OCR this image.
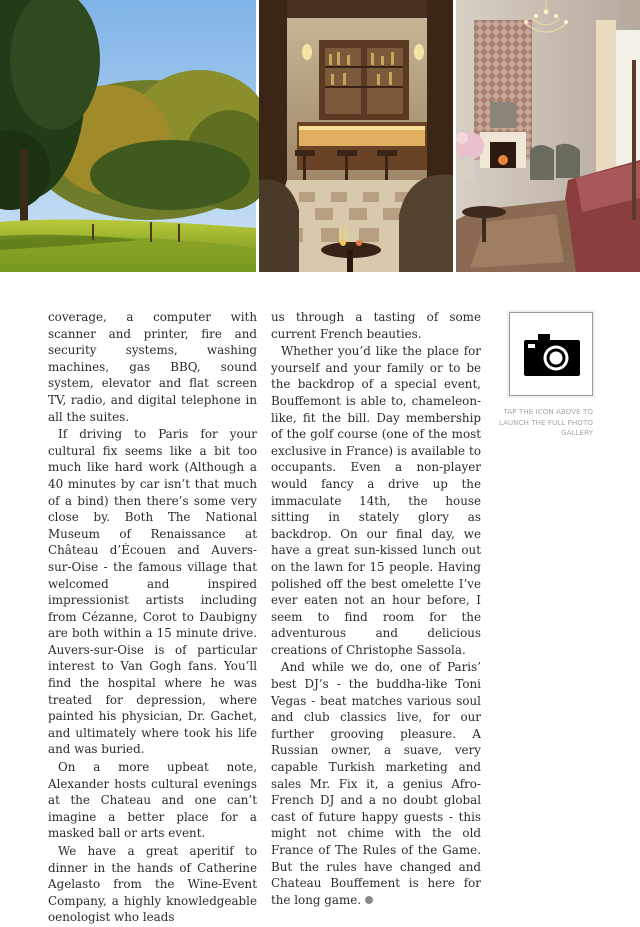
coverage, a computer with scanner and printer, fire and security systems, washing machines, gas BBQ, sound system, elevator and flat screen TV, radio, and digital telephone in all the suites.

If driving to Paris for your cultural fix seems like a bit too much like hard work (Although a 40 minutes by car isn’t that much of a bind) then there’s some very close by. Both The National Museum of Renaissance at Château d’Écouen and Auvers-sur-Oise - the famous village that welcomed and inspired impressionist artists including from Cézanne, Corot to Daubigny are both within a 15 minute drive. Auvers-sur-Oise is of particular interest to Van Gogh fans. You’ll find the hospital where he was treated for depression, where painted his physician, Dr. Gachet, and ultimately where took his life and was buried.

On a more upbeat note, Alexander hosts cultural evenings at the Chateau and one can’t imagine a better place for a masked ball or arts event.

We have a great aperitif to dinner in the hands of Catherine Agelasto from the Wine-Event Company, a highly knowledgeable oenologist who leads

us through a tasting of some current French beauties.

Whether you’d like the place for yourself and your family or to be the backdrop of a special event, Bouffemont is able to, chameleon-like, fit the bill. Day membership of the golf course (one of the most exclusive in France) is available to occupants. Even a non-player would fancy a drive up the immaculate 14th, the house sitting in stately glory as backdrop. On our final day, we have a great sun-kissed lunch out on the lawn for 15 people. Having polished off the best omelette I’ve ever eaten not an hour before, I seem to find room for the adventurous and delicious creations of Christophe Sassola.

And while we do, one of Paris’ best DJ’s - the buddha-like Toni Vegas - beat matches various soul and club classics live, for our further grooving pleasure. A Russian owner, a suave, very capable Turkish marketing and sales Mr. Fix it, a genius Afro-French DJ and a no doubt global cast of future happy guests - this might not chime with the old France of The Rules of the Game. But the rules have changed and Chateau Bouffement is here for the long game.

TAP THE ICON ABOVE TO LAUNCH THE FULL PHOTO GALLERY
